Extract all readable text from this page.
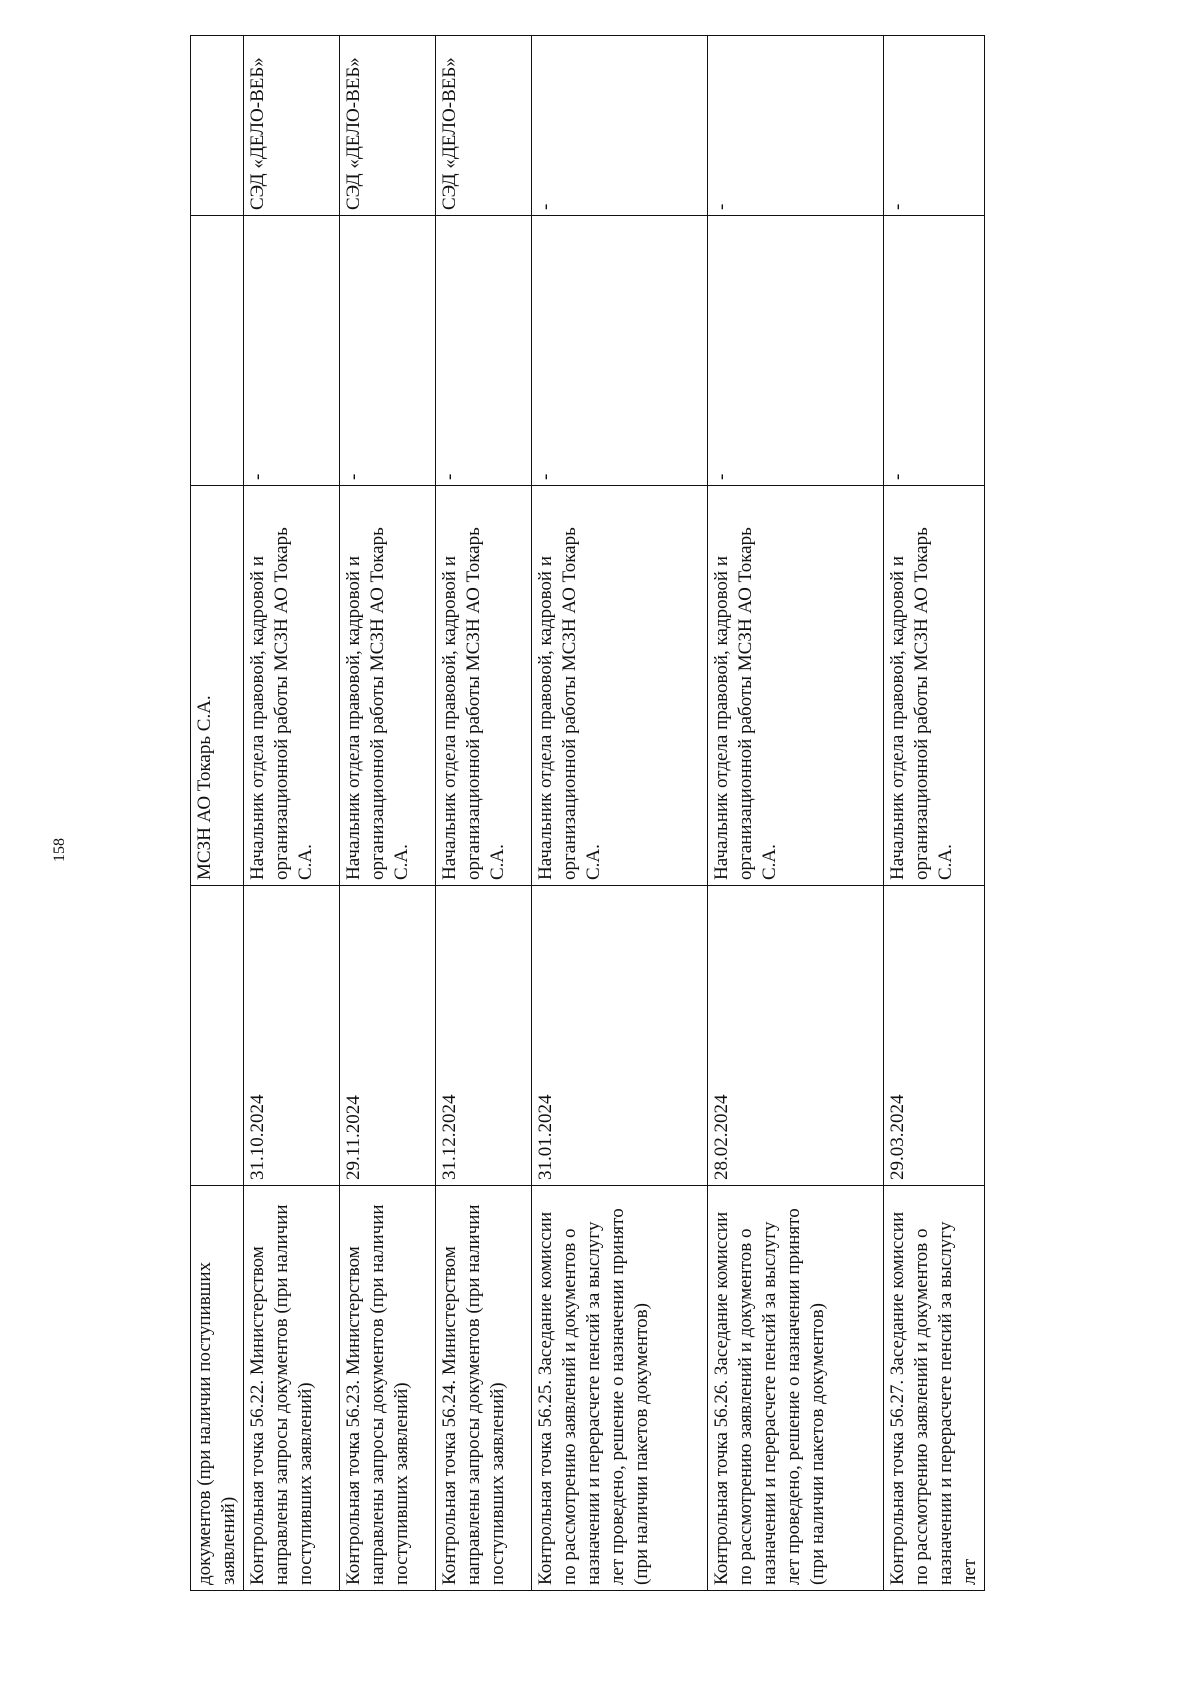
158
документов (при наличии поступивших заявлений)		МСЗН АО Токарь С.А.		
Контрольная точка 56.22. Министерством направлены запросы документов (при наличии поступивших заявлений)	31.10.2024	Начальник отдела правовой, кадровой и организационной работы МСЗН АО Токарь С.А.	-	СЭД «ДЕЛО-ВЕБ»
Контрольная точка 56.23. Министерством направлены запросы документов (при наличии поступивших заявлений)	29.11.2024	Начальник отдела правовой, кадровой и организационной работы МСЗН АО Токарь С.А.	-	СЭД «ДЕЛО-ВЕБ»
Контрольная точка 56.24. Министерством направлены запросы документов (при наличии поступивших заявлений)	31.12.2024	Начальник отдела правовой, кадровой и организационной работы МСЗН АО Токарь С.А.	-	СЭД «ДЕЛО-ВЕБ»
Контрольная точка 56.25. Заседание комиссии по рассмотрению заявлений и документов о назначении и перерасчете пенсий за выслугу лет проведено, решение о назначении принято (при наличии пакетов документов)	31.01.2024	Начальник отдела правовой, кадровой и организационной работы МСЗН АО Токарь С.А.	-	-
Контрольная точка 56.26. Заседание комиссии по рассмотрению заявлений и документов о назначении и перерасчете пенсий за выслугу лет проведено, решение о назначении принято (при наличии пакетов документов)	28.02.2024	Начальник отдела правовой, кадровой и организационной работы МСЗН АО Токарь С.А.	-	-
Контрольная точка 56.27. Заседание комиссии по рассмотрению заявлений и документов о назначении и перерасчете пенсий за выслугу лет	29.03.2024	Начальник отдела правовой, кадровой и организационной работы МСЗН АО Токарь С.А.	-	-
